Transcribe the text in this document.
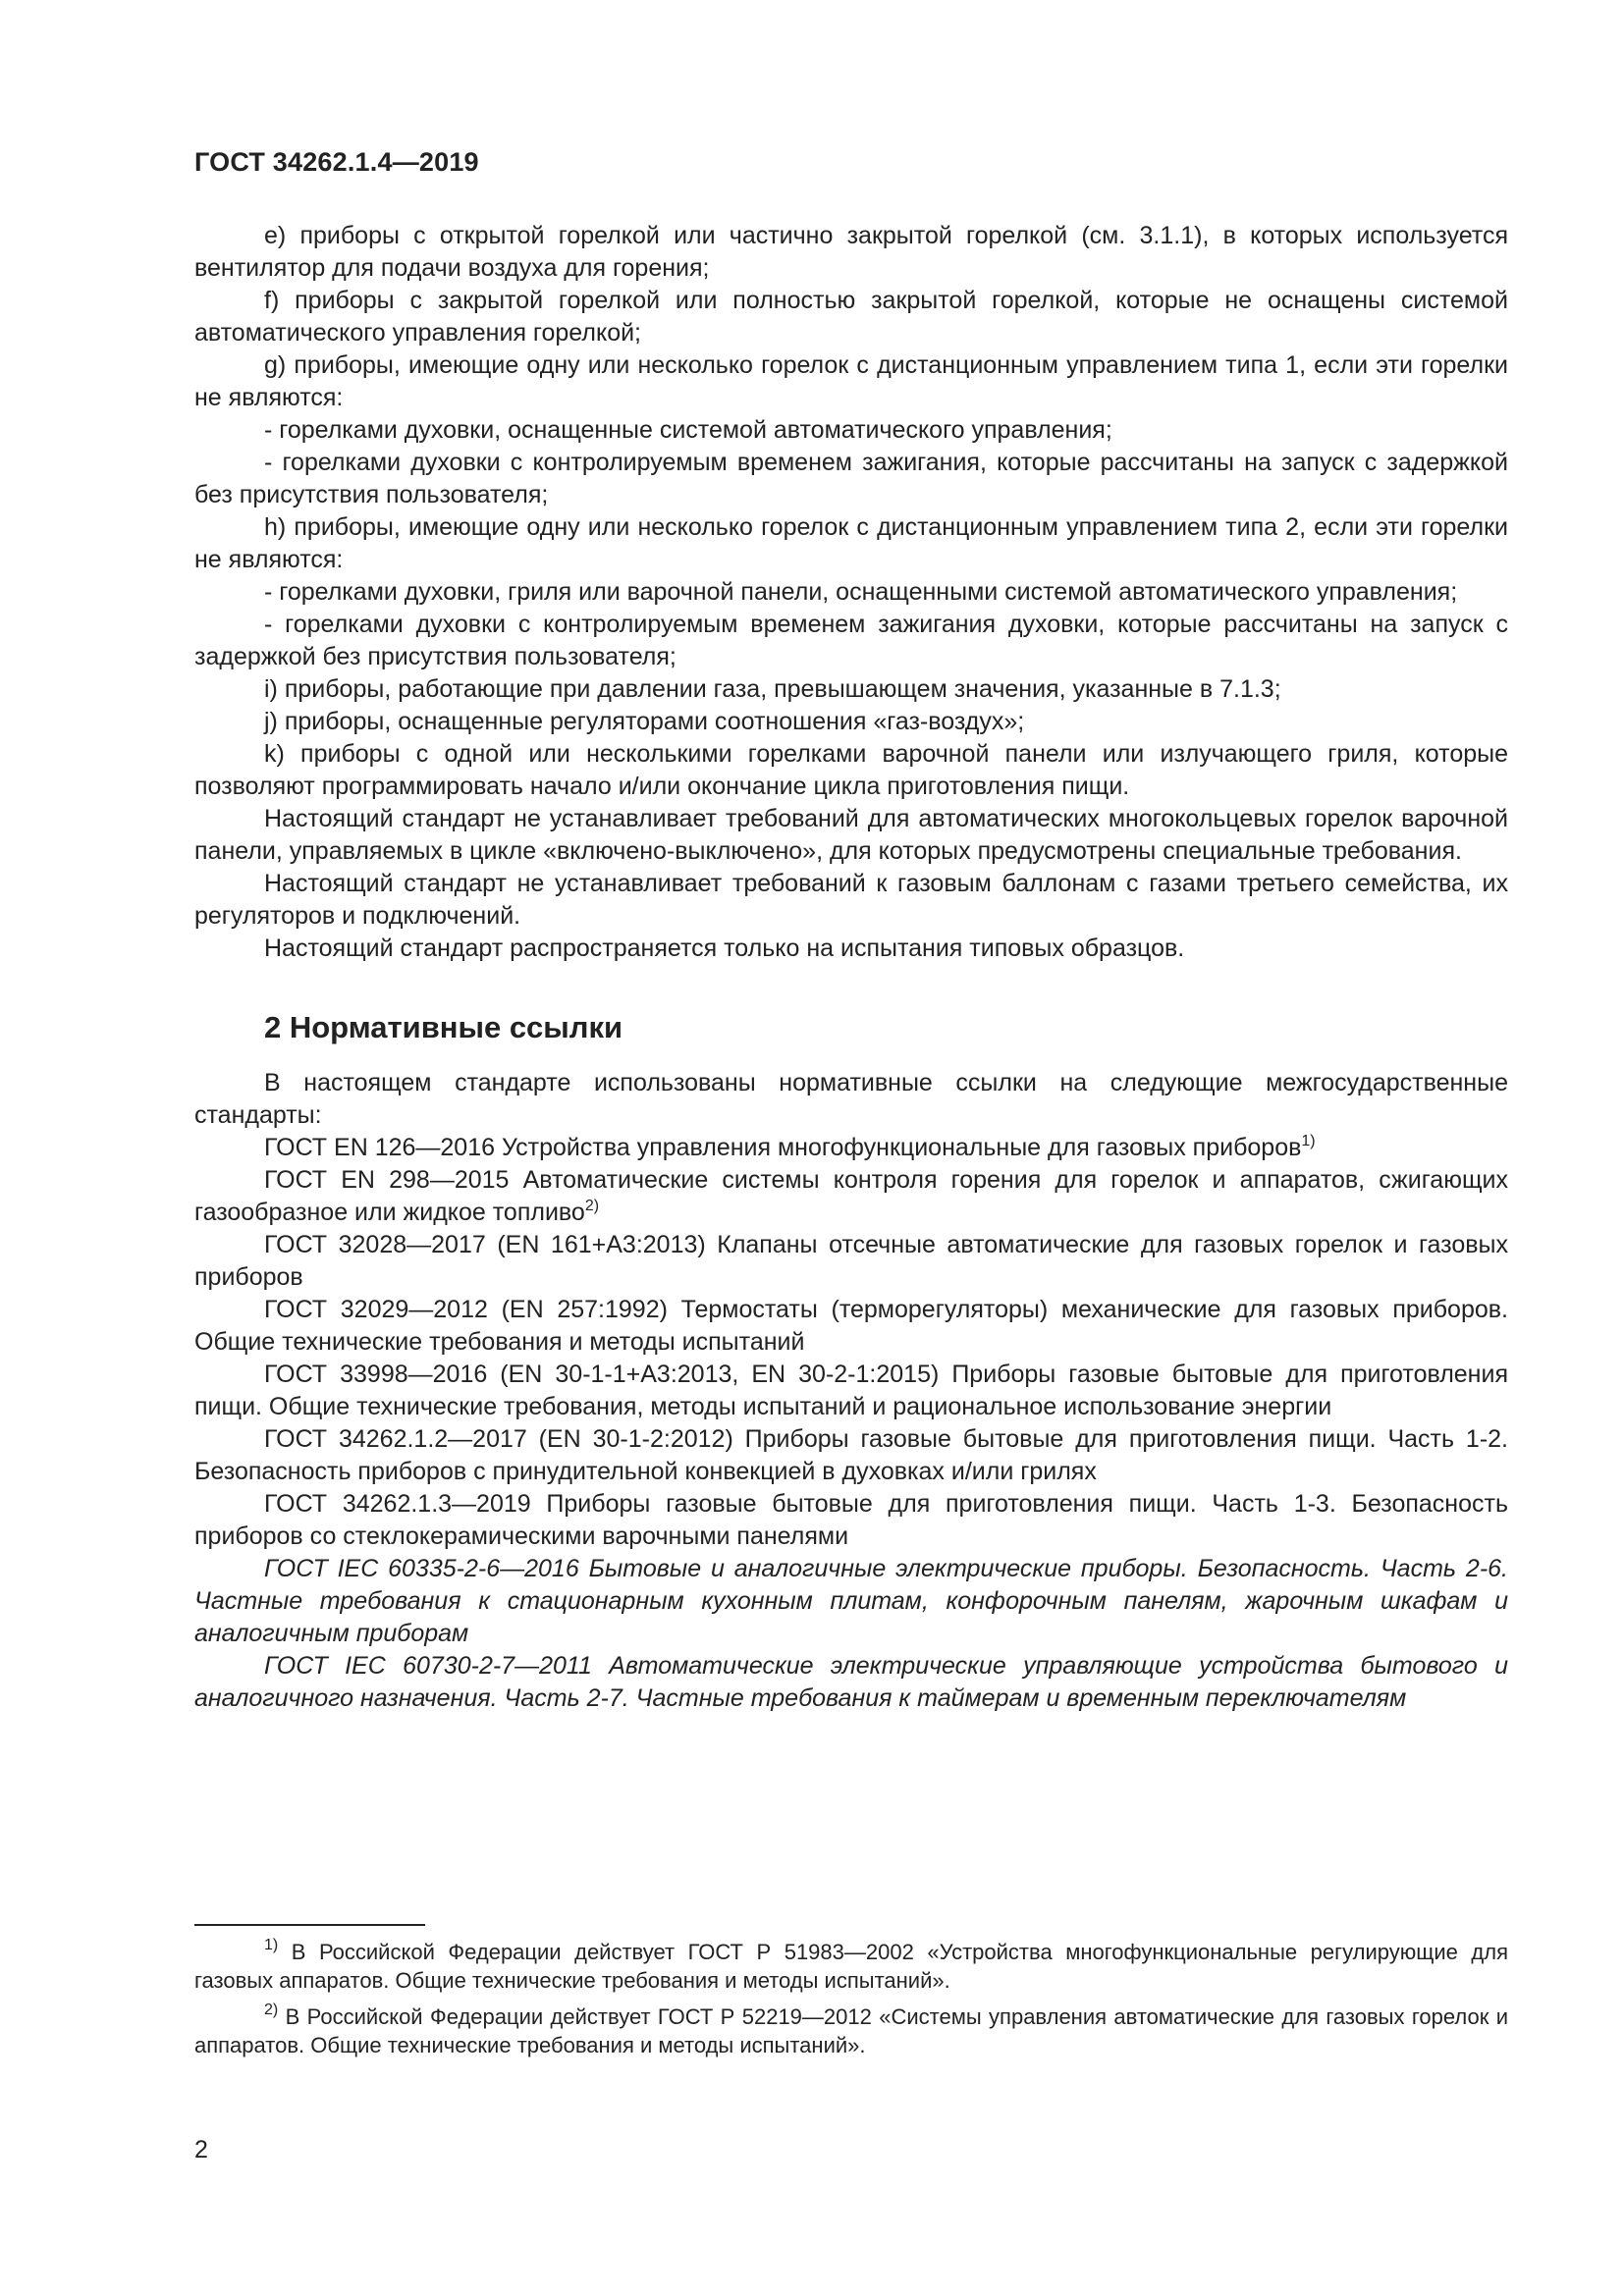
ГОСТ 34262.1.4—2019

e) приборы с открытой горелкой или частично закрытой горелкой (см. 3.1.1), в которых используется вентилятор для подачи воздуха для горения;

f) приборы с закрытой горелкой или полностью закрытой горелкой, которые не оснащены системой автоматического управления горелкой;

g) приборы, имеющие одну или несколько горелок с дистанционным управлением типа 1, если эти горелки не являются:

- горелками духовки, оснащенные системой автоматического управления;

- горелками духовки с контролируемым временем зажигания, которые рассчитаны на запуск с задержкой без присутствия пользователя;

h) приборы, имеющие одну или несколько горелок с дистанционным управлением типа 2, если эти горелки не являются:

- горелками духовки, гриля или варочной панели, оснащенными системой автоматического управления;

- горелками духовки с контролируемым временем зажигания духовки, которые рассчитаны на запуск с задержкой без присутствия пользователя;

i) приборы, работающие при давлении газа, превышающем значения, указанные в 7.1.3;

j) приборы, оснащенные регуляторами соотношения «газ-воздух»;

k) приборы с одной или несколькими горелками варочной панели или излучающего гриля, которые позволяют программировать начало и/или окончание цикла приготовления пищи.

Настоящий стандарт не устанавливает требований для автоматических многокольцевых горелок варочной панели, управляемых в цикле «включено-выключено», для которых предусмотрены специальные требования.

Настоящий стандарт не устанавливает требований к газовым баллонам с газами третьего семейства, их регуляторов и подключений.

Настоящий стандарт распространяется только на испытания типовых образцов.

2 Нормативные ссылки

В настоящем стандарте использованы нормативные ссылки на следующие межгосударственные стандарты:

ГОСТ EN 126—2016 Устройства управления многофункциональные для газовых приборов$^{1)}$

ГОСТ EN 298—2015 Автоматические системы контроля горения для горелок и аппаратов, сжигающих газообразное или жидкое топливо$^{2)}$

ГОСТ 32028—2017 (EN 161+A3:2013) Клапаны отсечные автоматические для газовых горелок и газовых приборов

ГОСТ 32029—2012 (EN 257:1992) Термостаты (терморегуляторы) механические для газовых приборов. Общие технические требования и методы испытаний

ГОСТ 33998—2016 (EN 30-1-1+A3:2013, EN 30-2-1:2015) Приборы газовые бытовые для приготовления пищи. Общие технические требования, методы испытаний и рациональное использование энергии

ГОСТ 34262.1.2—2017 (EN 30-1-2:2012) Приборы газовые бытовые для приготовления пищи. Часть 1-2. Безопасность приборов с принудительной конвекцией в духовках и/или грилях

ГОСТ 34262.1.3—2019 Приборы газовые бытовые для приготовления пищи. Часть 1-3. Безопасность приборов со стеклокерамическими варочными панелями

ГОСТ IEC 60335-2-6—2016 Бытовые и аналогичные электрические приборы. Безопасность. Часть 2-6. Частные требования к стационарным кухонным плитам, конфорочным панелям, жарочным шкафам и аналогичным приборам

ГОСТ IEC 60730-2-7—2011 Автоматические электрические управляющие устройства бытового и аналогичного назначения. Часть 2-7. Частные требования к таймерам и временным переключателям

$^{1)}$ В Российской Федерации действует ГОСТ Р 51983—2002 «Устройства многофункциональные регулирующие для газовых аппаратов. Общие технические требования и методы испытаний».

$^{2)}$ В Российской Федерации действует ГОСТ Р 52219—2012 «Системы управления автоматические для газовых горелок и аппаратов. Общие технические требования и методы испытаний».

2
